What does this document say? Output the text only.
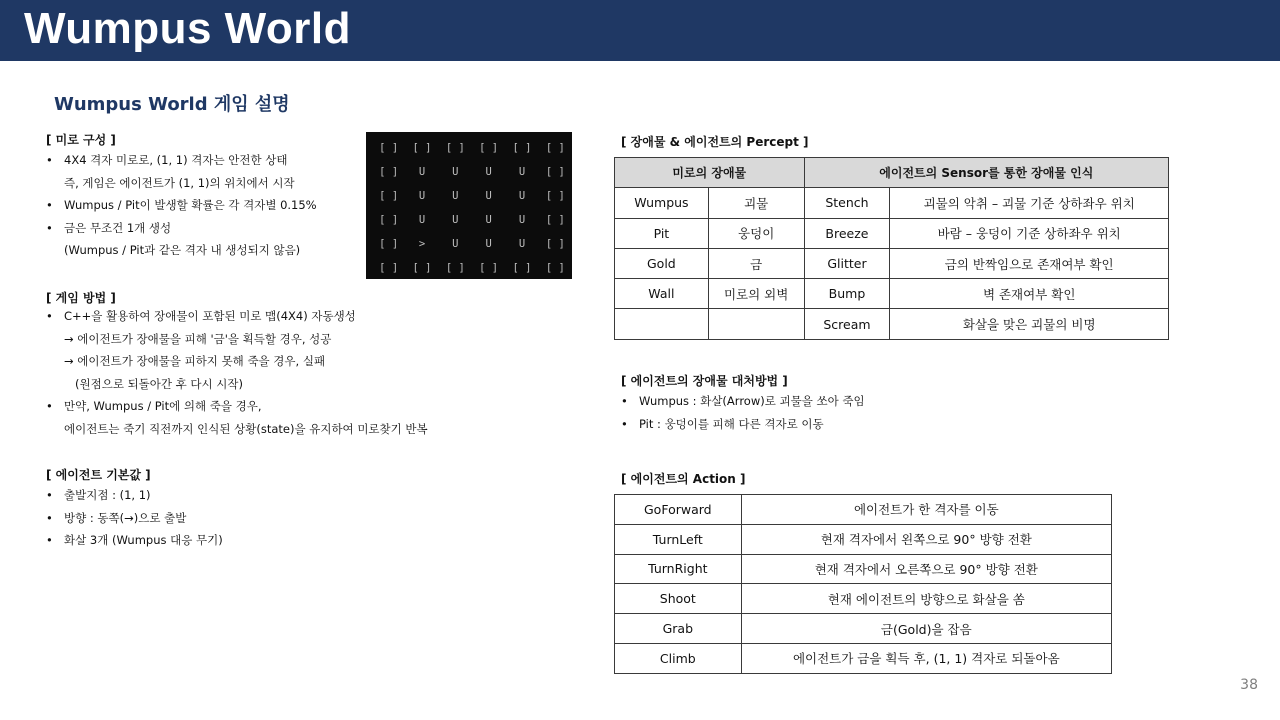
Wumpus World
Wumpus World 게임 설명
[ 미로 구성 ]
• 4X4 격자 미로로, (1, 1) 격자는 안전한 상태
즉, 게임은 에이전트가 (1, 1)의 위치에서 시작
• Wumpus / Pit이 발생할 확률은 각 격자별 0.15%
• 금은 무조건 1개 생성
(Wumpus / Pit과 같은 격자 내 생성되지 않음)
[ ]	[ ]	[ ]	[ ]	[ ]	[ ]
[ ]	U	U	U	U	[ ]
[ ]	U	U	U	U	[ ]
[ ]	U	U	U	U	[ ]
[ ]	>	U	U	U	[ ]
[ ]	[ ]	[ ]	[ ]	[ ]	[ ]
[ 게임 방법 ]
• C++을 활용하여 장애물이 포함된 미로 맵(4X4) 자동생성
→ 에이전트가 장애물을 피해 '금'을 획득할 경우, 성공
→ 에이전트가 장애물을 피하지 못해 죽을 경우, 실패
(원점으로 되돌아간 후 다시 시작)
• 만약, Wumpus / Pit에 의해 죽을 경우,
에이전트는 죽기 직전까지 인식된 상황(state)을 유지하여 미로찾기 반복
[ 에이전트 기본값 ]
• 출발지점 : (1, 1)
• 방향 : 동쪽(→)으로 출발
• 화살 3개 (Wumpus 대응 무기)
[ 장애물 & 에이전트의 Percept ]
미로의 장애물		에이전트의 Sensor를 통한 장애물 인식	
Wumpus	괴물	Stench	괴물의 악취 – 괴물 기준 상하좌우 위치
Pit	웅덩이	Breeze	바람 – 웅덩이 기준 상하좌우 위치
Gold	금	Glitter	금의 반짝임으로 존재여부 확인
Wall	미로의 외벽	Bump	벽 존재여부 확인
		Scream	화살을 맞은 괴물의 비명
[ 에이전트의 장애물 대처방법 ]
• Wumpus : 화살(Arrow)로 괴물을 쏘아 죽임
• Pit : 웅덩이를 피해 다른 격자로 이동
[ 에이전트의 Action ]
GoForward	에이전트가 한 격자를 이동
TurnLeft	현재 격자에서 왼쪽으로 90° 방향 전환
TurnRight	현재 격자에서 오른쪽으로 90° 방향 전환
Shoot	현재 에이전트의 방향으로 화살을 쏨
Grab	금(Gold)을 잡음
Climb	에이전트가 금을 획득 후, (1, 1) 격자로 되돌아옴
38
